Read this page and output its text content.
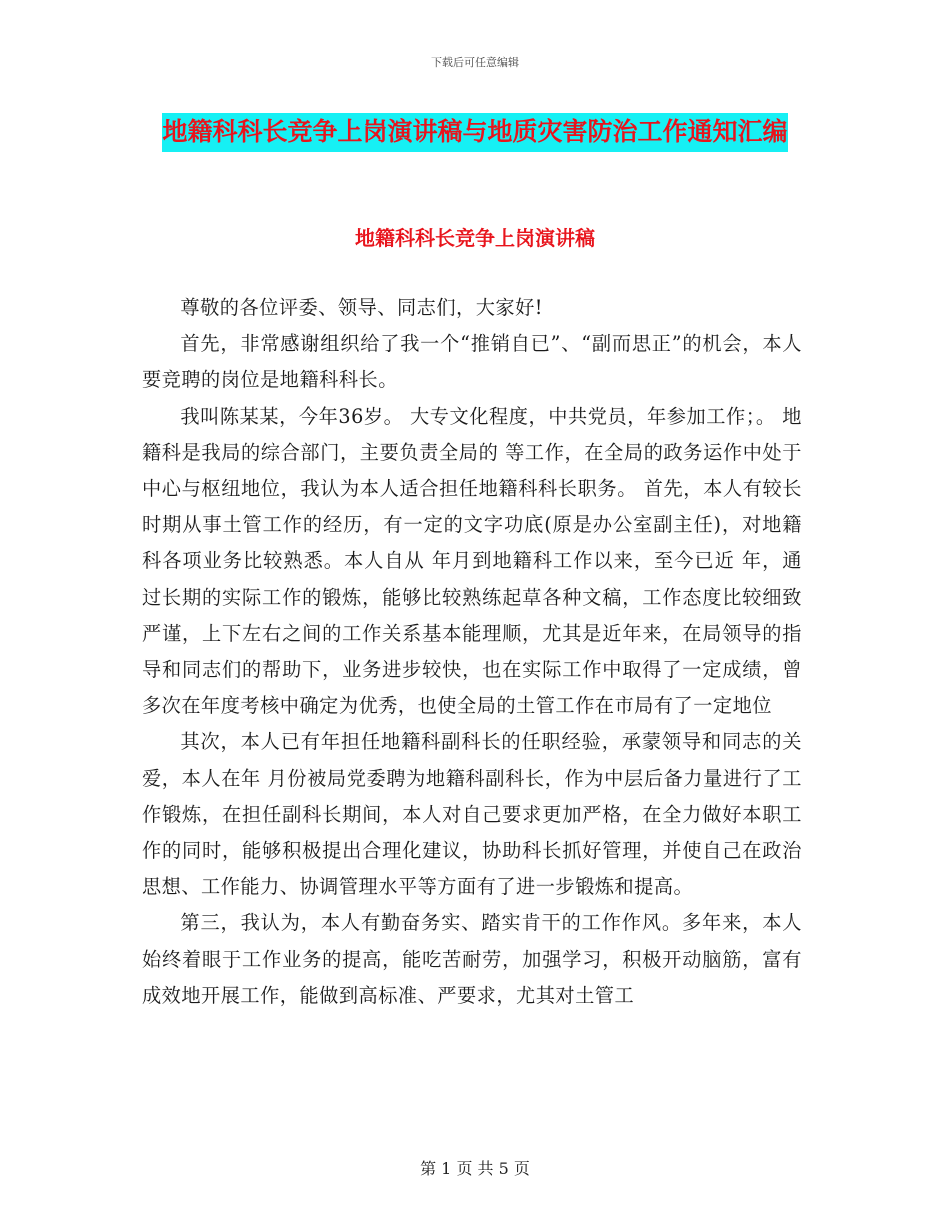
下载后可任意编辑
地籍科科长竞争上岗演讲稿与地质灾害防治工作通知汇编
地籍科科长竞争上岗演讲稿

尊敬的各位评委、领导、同志们，大家好!

首先，非常感谢组织给了我一个“推销自已”、“副而思正”的机会，本人要竞聘的岗位是地籍科科长。

我叫陈某某，今年36岁。 大专文化程度，中共党员，年参加工作；。 地籍科是我局的综合部门，主要负责全局的 等工作，在全局的政务运作中处于中心与枢纽地位，我认为本人适合担任地籍科科长职务。 首先，本人有较长时期从事土管工作的经历，有一定的文字功底(原是办公室副主任)，对地籍科各项业务比较熟悉。本人自从 年月到地籍科工作以来，至今已近 年，通过长期的实际工作的锻炼，能够比较熟练起草各种文稿，工作态度比较细致严谨，上下左右之间的工作关系基本能理顺，尤其是近年来，在局领导的指导和同志们的帮助下，业务进步较快，也在实际工作中取得了一定成绩，曾多次在年度考核中确定为优秀，也使全局的土管工作在市局有了一定地位

其次，本人已有年担任地籍科副科长的任职经验，承蒙领导和同志的关爱，本人在年 月份被局党委聘为地籍科副科长，作为中层后备力量进行了工作锻炼，在担任副科长期间，本人对自己要求更加严格，在全力做好本职工作的同时，能够积极提出合理化建议，协助科长抓好管理，并使自己在政治思想、工作能力、协调管理水平等方面有了进一步锻炼和提高。

第三，我认为，本人有勤奋务实、踏实肯干的工作作风。多年来，本人始终着眼于工作业务的提高，能吃苦耐劳，加强学习，积极开动脑筋，富有成效地开展工作，能做到高标准、严要求，尤其对土管工

第 1 页 共 5 页
